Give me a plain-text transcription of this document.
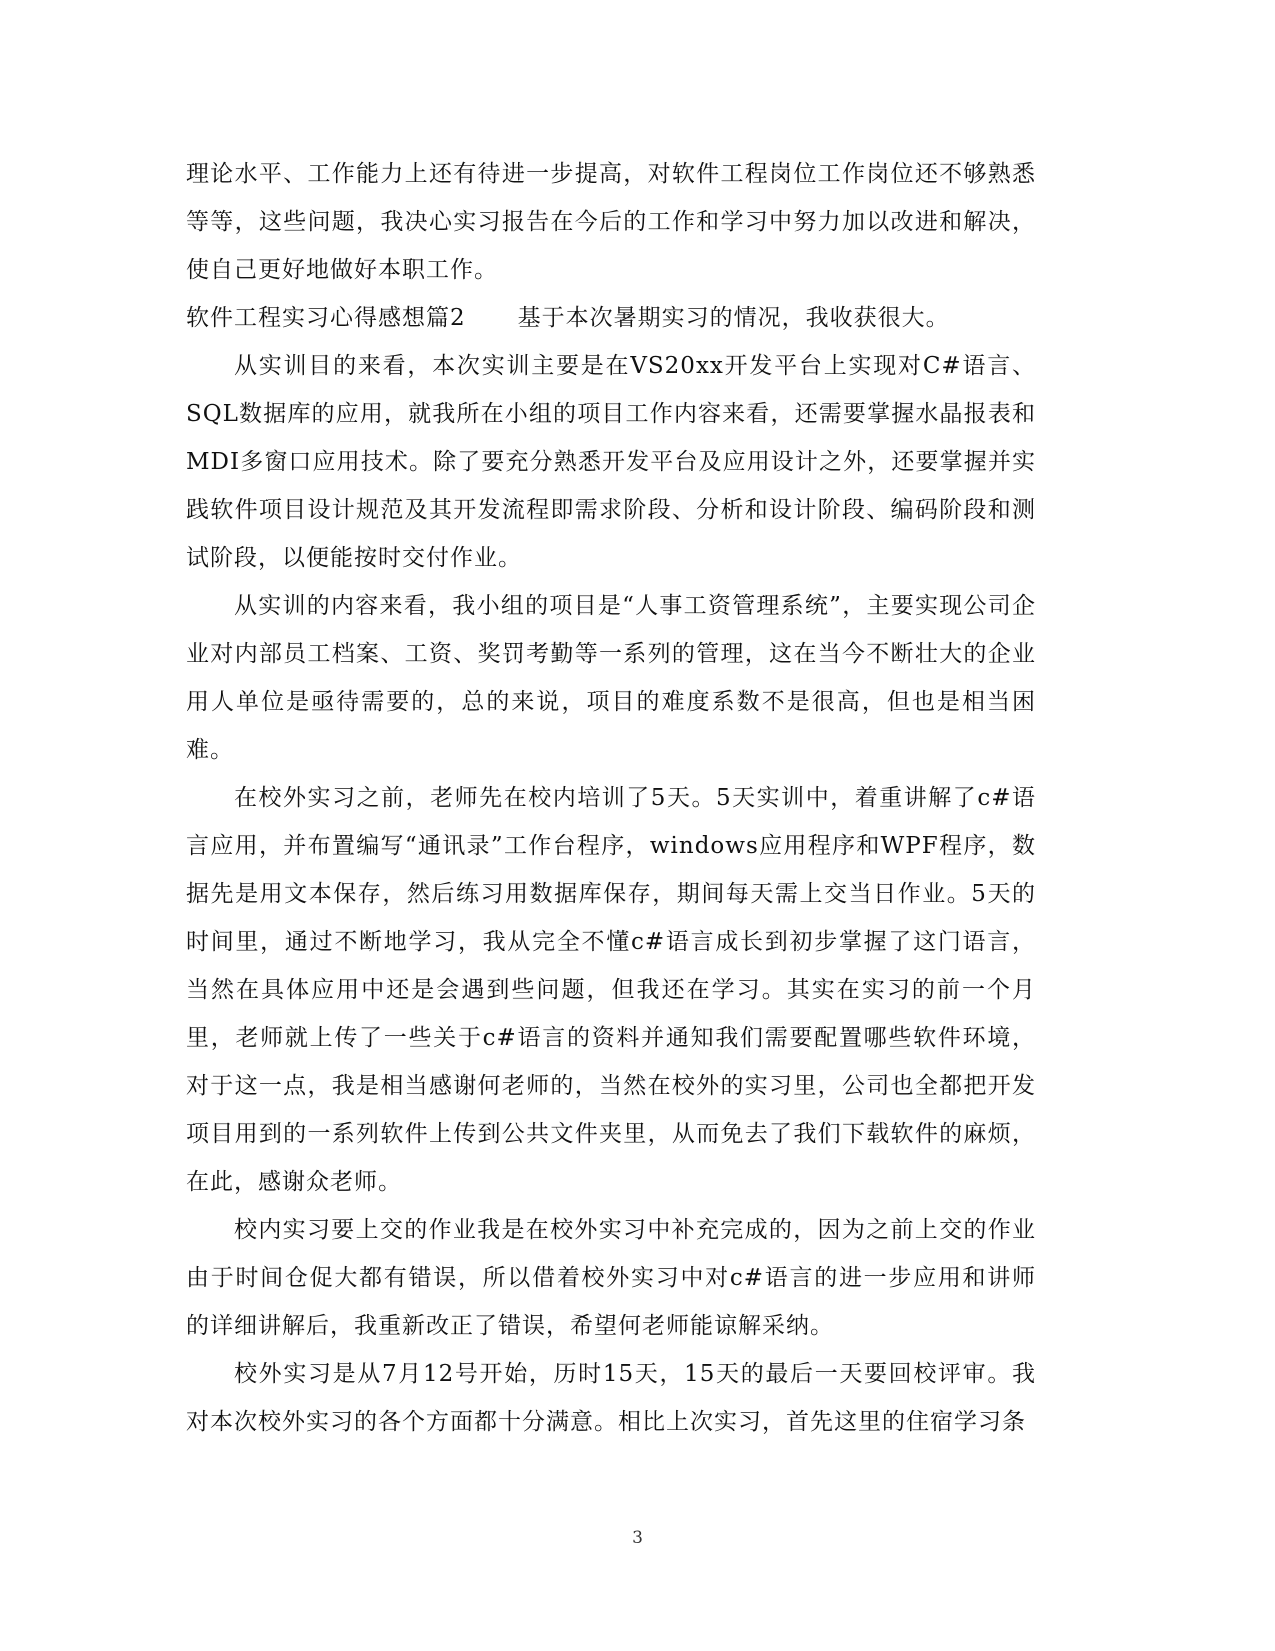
理论水平、工作能力上还有待进一步提高，对软件工程岗位工作岗位还不够熟悉等等，这些问题，我决心实习报告在今后的工作和学习中努力加以改进和解决，使自己更好地做好本职工作。

软件工程实习心得感想篇2 基于本次暑期实习的情况，我收获很大。

从实训目的来看，本次实训主要是在VS20xx开发平台上实现对C#语言、SQL数据库的应用，就我所在小组的项目工作内容来看，还需要掌握水晶报表和MDI多窗口应用技术。除了要充分熟悉开发平台及应用设计之外，还要掌握并实践软件项目设计规范及其开发流程即需求阶段、分析和设计阶段、编码阶段和测试阶段，以便能按时交付作业。

从实训的内容来看，我小组的项目是“人事工资管理系统”，主要实现公司企业对内部员工档案、工资、奖罚考勤等一系列的管理，这在当今不断壮大的企业用人单位是亟待需要的，总的来说，项目的难度系数不是很高，但也是相当困难。

在校外实习之前，老师先在校内培训了5天。5天实训中，着重讲解了c#语言应用，并布置编写“通讯录”工作台程序，windows应用程序和WPF程序，数据先是用文本保存，然后练习用数据库保存，期间每天需上交当日作业。5天的时间里，通过不断地学习，我从完全不懂c#语言成长到初步掌握了这门语言，当然在具体应用中还是会遇到些问题，但我还在学习。其实在实习的前一个月里，老师就上传了一些关于c#语言的资料并通知我们需要配置哪些软件环境，对于这一点，我是相当感谢何老师的，当然在校外的实习里，公司也全都把开发项目用到的一系列软件上传到公共文件夹里，从而免去了我们下载软件的麻烦，在此，感谢众老师。

校内实习要上交的作业我是在校外实习中补充完成的，因为之前上交的作业由于时间仓促大都有错误，所以借着校外实习中对c#语言的进一步应用和讲师的详细讲解后，我重新改正了错误，希望何老师能谅解采纳。

校外实习是从7月12号开始，历时15天，15天的最后一天要回校评审。我对本次校外实习的各个方面都十分满意。相比上次实习，首先这里的住宿学习条

3
